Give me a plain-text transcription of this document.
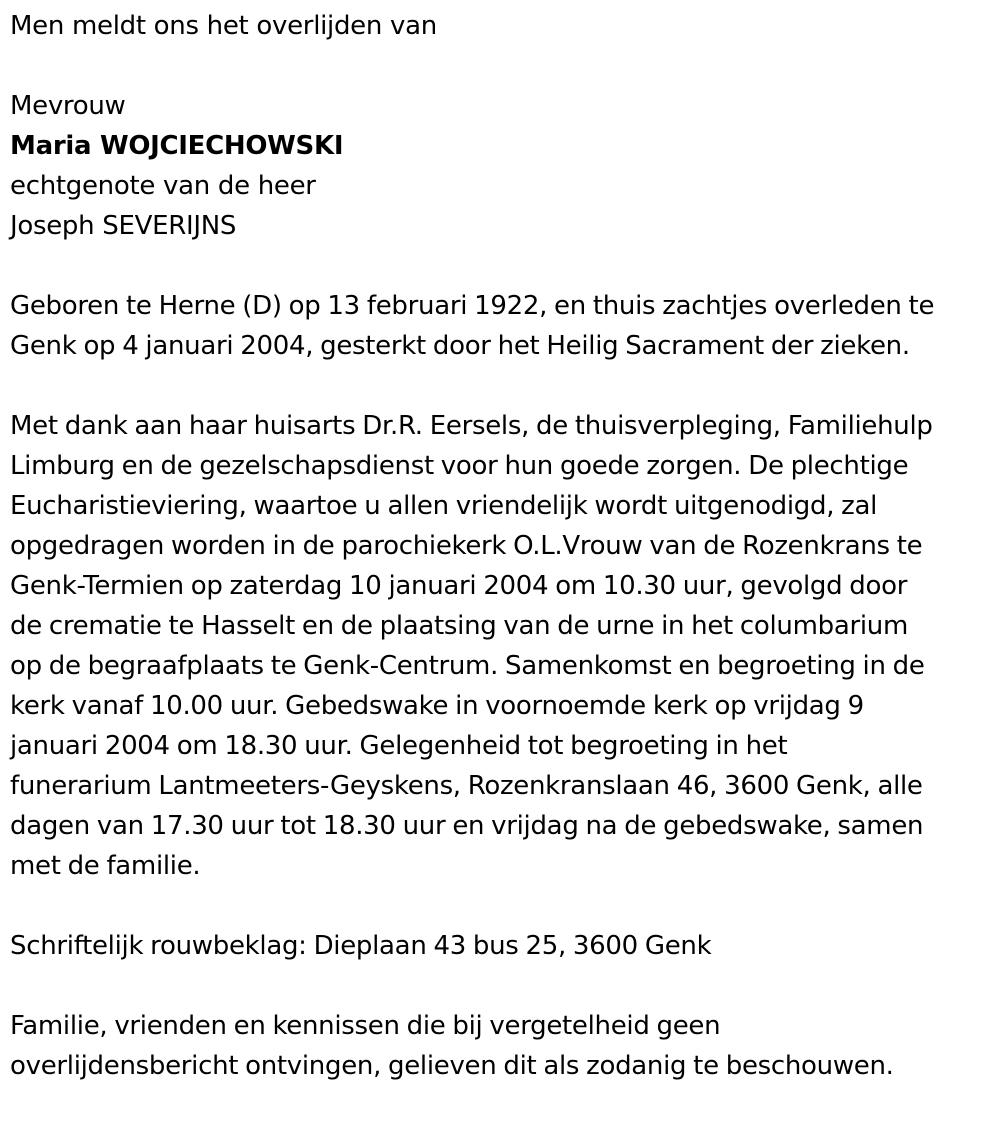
Men meldt ons het overlijden van

Mevrouw

Maria WOJCIECHOWSKI

echtgenote van de heer

Joseph SEVERIJNS

Geboren te Herne (D) op 13 februari 1922, en thuis zachtjes overleden te

Genk op 4 januari 2004, gesterkt door het Heilig Sacrament der zieken.

Met dank aan haar huisarts Dr.R. Eersels, de thuisverpleging, Familiehulp

Limburg en de gezelschapsdienst voor hun goede zorgen. De plechtige

Eucharistieviering, waartoe u allen vriendelijk wordt uitgenodigd, zal

opgedragen worden in de parochiekerk O.L.Vrouw van de Rozenkrans te

Genk-Termien op zaterdag 10 januari 2004 om 10.30 uur, gevolgd door

de crematie te Hasselt en de plaatsing van de urne in het columbarium

op de begraafplaats te Genk-Centrum. Samenkomst en begroeting in de

kerk vanaf 10.00 uur. Gebedswake in voornoemde kerk op vrijdag 9

januari 2004 om 18.30 uur. Gelegenheid tot begroeting in het

funerarium Lantmeeters-Geyskens, Rozenkranslaan 46, 3600 Genk, alle

dagen van 17.30 uur tot 18.30 uur en vrijdag na de gebedswake, samen

met de familie.

Schriftelijk rouwbeklag: Dieplaan 43 bus 25, 3600 Genk

Familie, vrienden en kennissen die bij vergetelheid geen

overlijdensbericht ontvingen, gelieven dit als zodanig te beschouwen.
